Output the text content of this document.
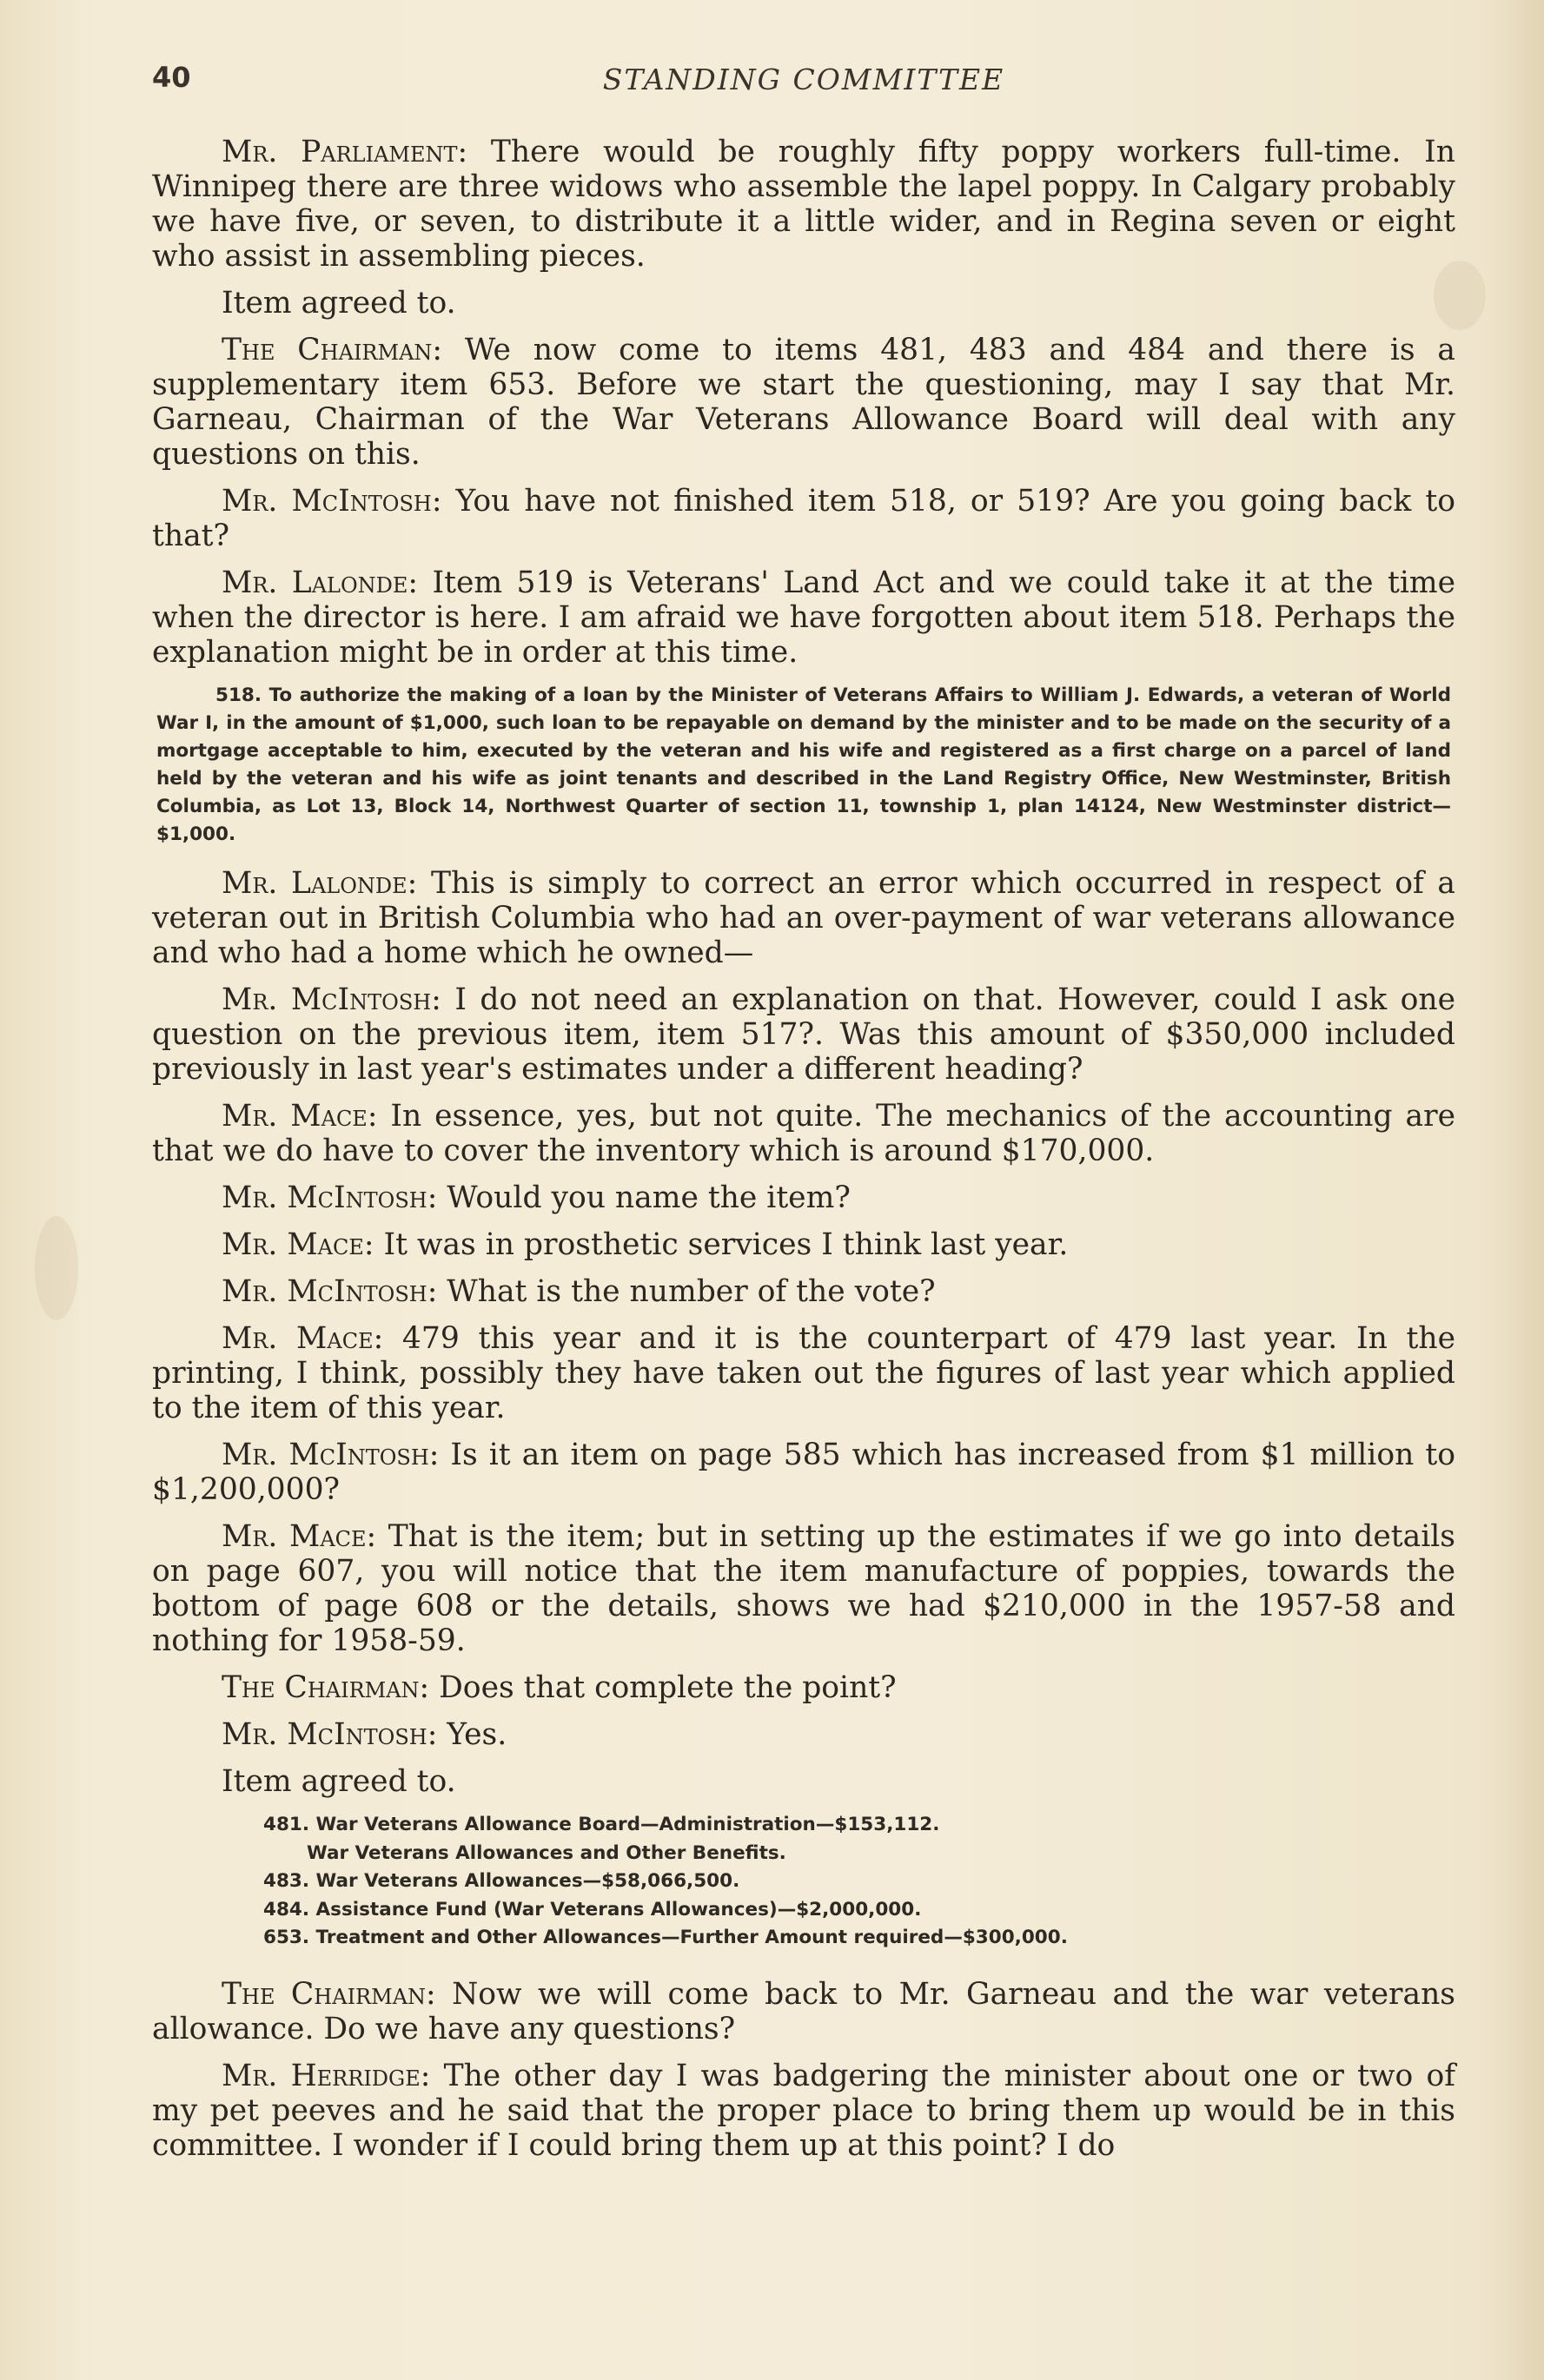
40	STANDING COMMITTEE

Mr. Parliament: There would be roughly fifty poppy workers full-time. In Winnipeg there are three widows who assemble the lapel poppy. In Calgary probably we have five, or seven, to distribute it a little wider, and in Regina seven or eight who assist in assembling pieces.

Item agreed to.

The Chairman: We now come to items 481, 483 and 484 and there is a supplementary item 653. Before we start the questioning, may I say that Mr. Garneau, Chairman of the War Veterans Allowance Board will deal with any questions on this.

Mr. McIntosh: You have not finished item 518, or 519? Are you going back to that?

Mr. Lalonde: Item 519 is Veterans' Land Act and we could take it at the time when the director is here. I am afraid we have forgotten about item 518. Perhaps the explanation might be in order at this time.

518. To authorize the making of a loan by the Minister of Veterans Affairs to William J. Edwards, a veteran of World War I, in the amount of $1,000, such loan to be repayable on demand by the minister and to be made on the security of a mortgage acceptable to him, executed by the veteran and his wife and registered as a first charge on a parcel of land held by the veteran and his wife as joint tenants and described in the Land Registry Office, New Westminster, British Columbia, as Lot 13, Block 14, Northwest Quarter of section 11, township 1, plan 14124, New Westminster district—$1,000.

Mr. Lalonde: This is simply to correct an error which occurred in respect of a veteran out in British Columbia who had an over-payment of war veterans allowance and who had a home which he owned—

Mr. McIntosh: I do not need an explanation on that. However, could I ask one question on the previous item, item 517?. Was this amount of $350,000 included previously in last year's estimates under a different heading?

Mr. Mace: In essence, yes, but not quite. The mechanics of the accounting are that we do have to cover the inventory which is around $170,000.

Mr. McIntosh: Would you name the item?

Mr. Mace: It was in prosthetic services I think last year.

Mr. McIntosh: What is the number of the vote?

Mr. Mace: 479 this year and it is the counterpart of 479 last year. In the printing, I think, possibly they have taken out the figures of last year which applied to the item of this year.

Mr. McIntosh: Is it an item on page 585 which has increased from $1 million to $1,200,000?

Mr. Mace: That is the item; but in setting up the estimates if we go into details on page 607, you will notice that the item manufacture of poppies, towards the bottom of page 608 or the details, shows we had $210,000 in the 1957-58 and nothing for 1958-59.

The Chairman: Does that complete the point?

Mr. McIntosh: Yes.

Item agreed to.

481. War Veterans Allowance Board—Administration—$153,112.
War Veterans Allowances and Other Benefits.
483. War Veterans Allowances—$58,066,500.
484. Assistance Fund (War Veterans Allowances)—$2,000,000.
653. Treatment and Other Allowances—Further Amount required—$300,000.

The Chairman: Now we will come back to Mr. Garneau and the war veterans allowance. Do we have any questions?

Mr. Herridge: The other day I was badgering the minister about one or two of my pet peeves and he said that the proper place to bring them up would be in this committee. I wonder if I could bring them up at this point? I do
